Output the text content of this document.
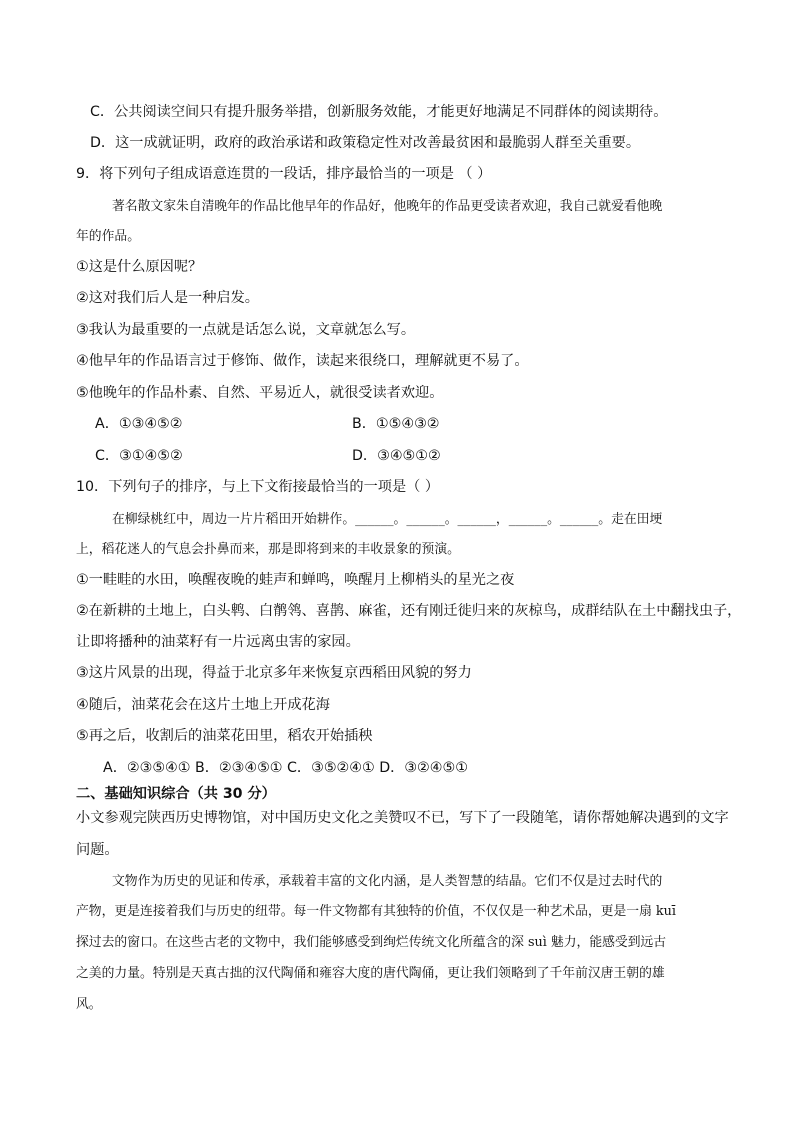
C．公共阅读空间只有提升服务举措，创新服务效能，才能更好地满足不同群体的阅读期待。
D．这一成就证明，政府的政治承诺和政策稳定性对改善最贫困和最脆弱人群至关重要。
9．将下列句子组成语意连贯的一段话，排序最恰当的一项是 （ ）
著名散文家朱自清晚年的作品比他早年的作品好，他晚年的作品更受读者欢迎，我自己就爱看他晚
年的作品。
①这是什么原因呢？
②这对我们后人是一种启发。
③我认为最重要的一点就是话怎么说，文章就怎么写。
④他早年的作品语言过于修饰、做作，读起来很绕口，理解就更不易了。
⑤他晚年的作品朴素、自然、平易近人，就很受读者欢迎。
A．①③④⑤②	B．①⑤④③②
C．③①④⑤②	D．③④⑤①②
10．下列句子的排序，与上下文衔接最恰当的一项是（ ）
在柳绿桃红中，周边一片片稻田开始耕作。______。______。______，______。______。走在田埂
上，稻花迷人的气息会扑鼻而来，那是即将到来的丰收景象的预演。
①一畦畦的水田，唤醒夜晚的蛙声和蝉鸣，唤醒月上柳梢头的星光之夜
②在新耕的土地上，白头鹎、白鹡鸰、喜鹊、麻雀，还有刚迁徙归来的灰椋鸟，成群结队在土中翻找虫子，
让即将播种的油菜籽有一片远离虫害的家园。
③这片风景的出现，得益于北京多年来恢复京西稻田风貌的努力
④随后，油菜花会在这片土地上开成花海
⑤再之后，收割后的油菜花田里，稻农开始插秧
A．②③⑤④① B．②③④⑤① C．③⑤②④① D．③②④⑤①
二、基础知识综合（共 30 分）
小文参观完陕西历史博物馆，对中国历史文化之美赞叹不已，写下了一段随笔，请你帮她解决遇到的文字
问题。
文物作为历史的见证和传承，承载着丰富的文化内涵，是人类智慧的结晶。它们不仅是过去时代的
产物，更是连接着我们与历史的纽带。每一件文物都有其独特的价值，不仅仅是一种艺术品，更是一扇 kuī
探过去的窗口。在这些古老的文物中，我们能够感受到绚烂传统文化所蕴含的深 suì 魅力，能感受到远古
之美的力量。特别是天真古拙的汉代陶俑和雍容大度的唐代陶俑，更让我们领略到了千年前汉唐王朝的雄
风。
